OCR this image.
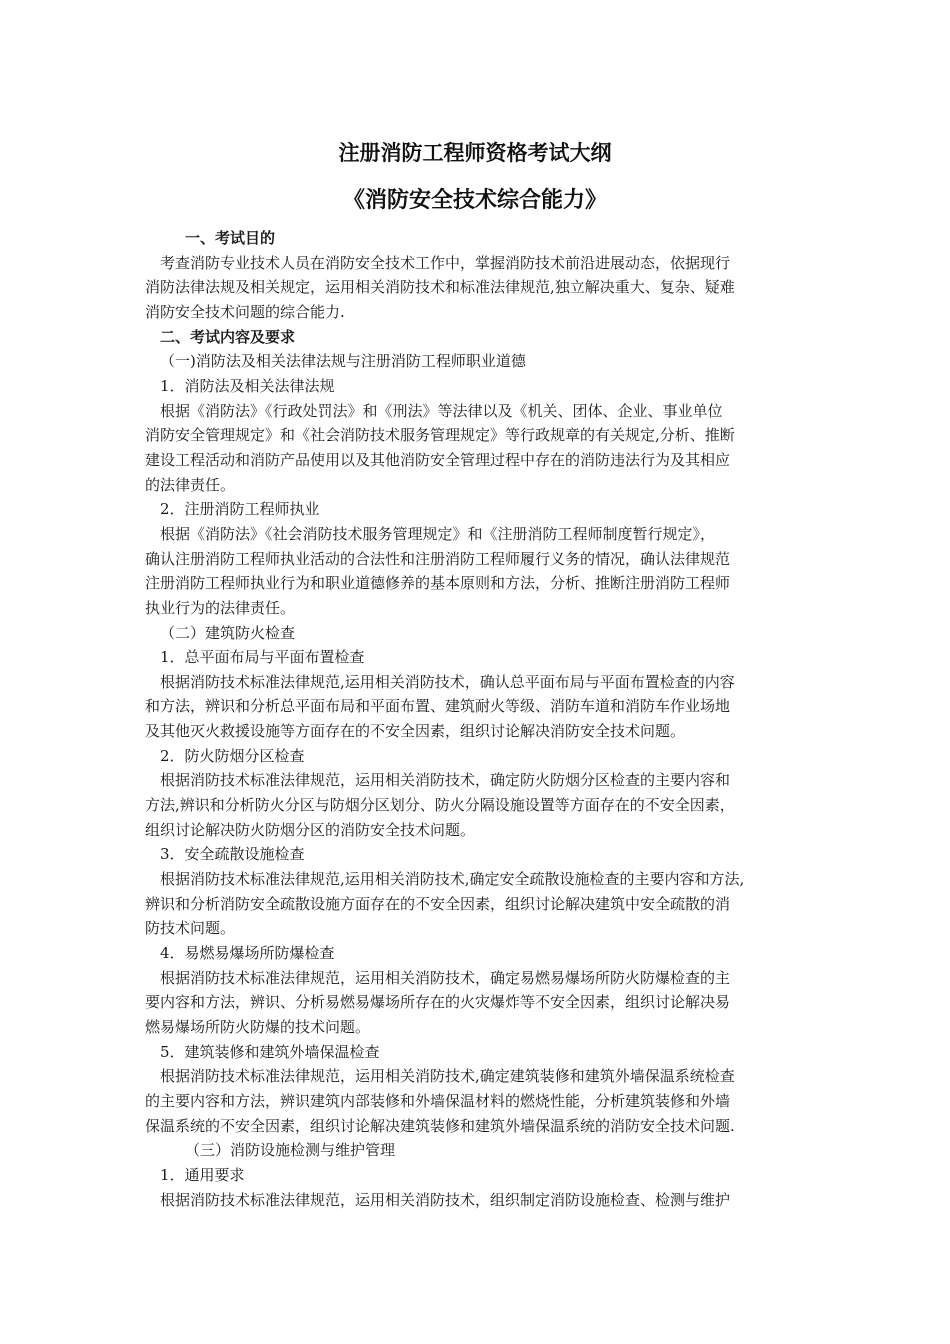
注册消防工程师资格考试大纲
《消防安全技术综合能力》
一、考试目的
考查消防专业技术人员在消防安全技术工作中，掌握消防技术前沿进展动态，依据现行
消防法律法规及相关规定，运用相关消防技术和标准法律规范,独立解决重大、复杂、疑难
消防安全技术问题的综合能力.
二、考试内容及要求
（一)消防法及相关法律法规与注册消防工程师职业道德
1．消防法及相关法律法规
根据《消防法》《行政处罚法》和《刑法》等法律以及《机关、团体、企业、事业单位
消防安全管理规定》和《社会消防技术服务管理规定》等行政规章的有关规定,分析、推断
建设工程活动和消防产品使用以及其他消防安全管理过程中存在的消防违法行为及其相应
的法律责任。
2．注册消防工程师执业
根据《消防法》《社会消防技术服务管理规定》和《注册消防工程师制度暂行规定》，
确认注册消防工程师执业活动的合法性和注册消防工程师履行义务的情况，确认法律规范
注册消防工程师执业行为和职业道德修养的基本原则和方法，分析、推断注册消防工程师
执业行为的法律责任。
（二）建筑防火检查
1．总平面布局与平面布置检查
根据消防技术标准法律规范,运用相关消防技术，确认总平面布局与平面布置检查的内容
和方法，辨识和分析总平面布局和平面布置、建筑耐火等级、消防车道和消防车作业场地
及其他灭火救援设施等方面存在的不安全因素，组织讨论解决消防安全技术问题。
2．防火防烟分区检查
根据消防技术标准法律规范，运用相关消防技术，确定防火防烟分区检查的主要内容和
方法,辨识和分析防火分区与防烟分区划分、防火分隔设施设置等方面存在的不安全因素，
组织讨论解决防火防烟分区的消防安全技术问题。
3．安全疏散设施检查
根据消防技术标准法律规范,运用相关消防技术,确定安全疏散设施检查的主要内容和方法,
辨识和分析消防安全疏散设施方面存在的不安全因素，组织讨论解决建筑中安全疏散的消
防技术问题。
4．易燃易爆场所防爆检查
根据消防技术标准法律规范，运用相关消防技术，确定易燃易爆场所防火防爆检查的主
要内容和方法，辨识、分析易燃易爆场所存在的火灾爆炸等不安全因素，组织讨论解决易
燃易爆场所防火防爆的技术问题。
5．建筑装修和建筑外墙保温检查
根据消防技术标准法律规范，运用相关消防技术,确定建筑装修和建筑外墙保温系统检查
的主要内容和方法，辨识建筑内部装修和外墙保温材料的燃烧性能，分析建筑装修和外墙
保温系统的不安全因素，组织讨论解决建筑装修和建筑外墙保温系统的消防安全技术问题.
（三）消防设施检测与维护管理
1．通用要求
根据消防技术标准法律规范，运用相关消防技术，组织制定消防设施检查、检测与维护
